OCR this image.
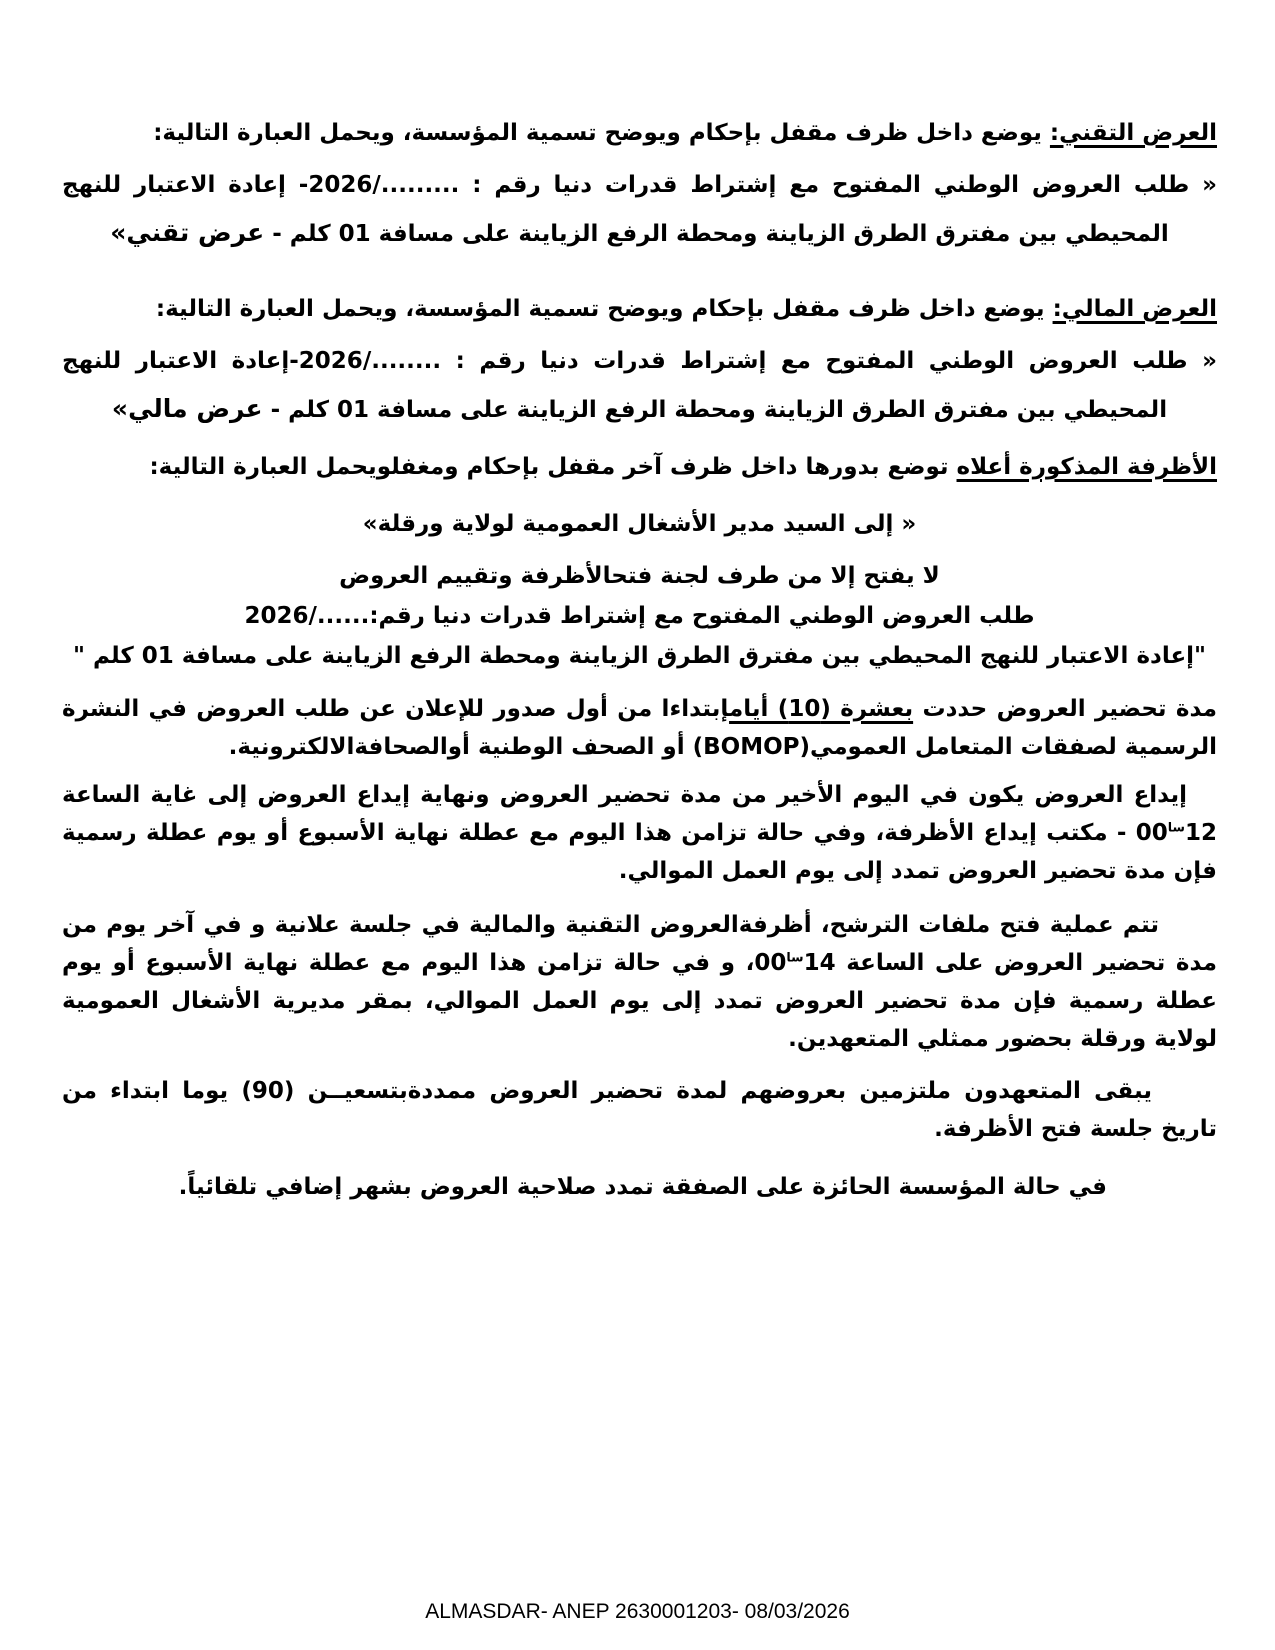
العرض التقني: يوضع داخل ظرف مقفل بإحكام ويوضح تسمية المؤسسة، ويحمل العبارة التالية:

« طلب العروض الوطني المفتوح مع إشتراط قدرات دنيا رقم : ........./2026- إعادة الاعتبار للنهج المحيطي بين مفترق الطرق الزياينة ومحطة الرفع الزياينة على مسافة 01 كلم - عرض تقني»

العرض المالي: يوضع داخل ظرف مقفل بإحكام ويوضح تسمية المؤسسة، ويحمل العبارة التالية:

« طلب العروض الوطني المفتوح مع إشتراط قدرات دنيا رقم : ......../2026-إعادة الاعتبار للنهج المحيطي بين مفترق الطرق الزياينة ومحطة الرفع الزياينة على مسافة 01 كلم - عرض مالي»

الأظرفة المذكورة أعلاه توضع بدورها داخل ظرف آخر مقفل بإحكام ومغفلويحمل العبارة التالية:

« إلى السيد مدير الأشغال العمومية لولاية ورقلة»

لا يفتح إلا من طرف لجنة فتحالأظرفة وتقييم العروض

طلب العروض الوطني المفتوح مع إشتراط قدرات دنيا رقم:....../2026

"إعادة الاعتبار للنهج المحيطي بين مفترق الطرق الزياينة ومحطة الرفع الزياينة على مسافة 01 كلم "

مدة تحضير العروض حددت بعشرة (10) أيامإبتداءا من أول صدور للإعلان عن طلب العروض في النشرة الرسمية لصفقات المتعامل العمومي(BOMOP) أو الصحف الوطنية أوالصحافةالالكترونية.

إيداع العروض يكون في اليوم الأخير من مدة تحضير العروض ونهاية إيداع العروض إلى غاية الساعة $12^{سا}00$ - مكتب إيداع الأظرفة، وفي حالة تزامن هذا اليوم مع عطلة نهاية الأسبوع أو يوم عطلة رسمية فإن مدة تحضير العروض تمدد إلى يوم العمل الموالي.

تتم عملية فتح ملفات الترشح، أظرفةالعروض التقنية والمالية في جلسة علانية و في آخر يوم من مدة تحضير العروض على الساعة $14^{سا}00،$ و في حالة تزامن هذا اليوم مع عطلة نهاية الأسبوع أو يوم عطلة رسمية فإن مدة تحضير العروض تمدد إلى يوم العمل الموالي، بمقر مديرية الأشغال العمومية لولاية ورقلة بحضور ممثلي المتعهدين.

يبقى المتعهدون ملتزمين بعروضهم لمدة تحضير العروض ممددةبتسعيــن (90) يوما ابتداء من تاريخ جلسة فتح الأظرفة.

في حالة المؤسسة الحائزة على الصفقة تمدد صلاحية العروض بشهر إضافي تلقائياً.

ALMASDAR- ANEP 2630001203- 08/03/2026
